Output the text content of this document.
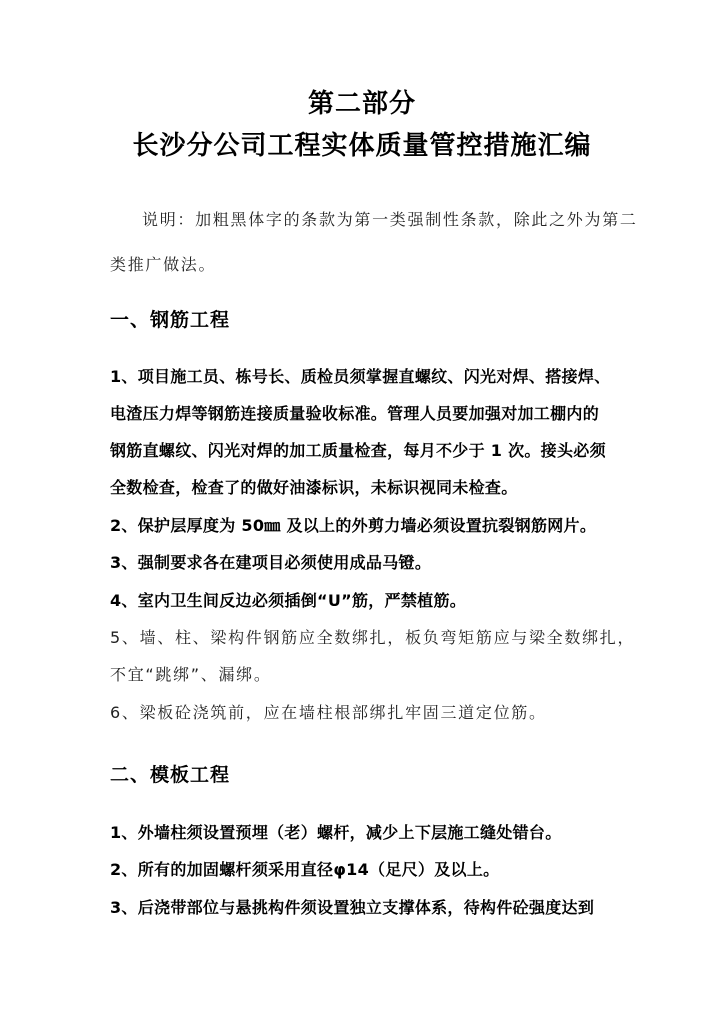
第二部分
长沙分公司工程实体质量管控措施汇编
说明：加粗黑体字的条款为第一类强制性条款，除此之外为第二
类推广做法。
一、钢筋工程
1、项目施工员、栋号长、质检员须掌握直螺纹、闪光对焊、搭接焊、
电渣压力焊等钢筋连接质量验收标准。管理人员要加强对加工棚内的
钢筋直螺纹、闪光对焊的加工质量检查，每月不少于 1 次。接头必须
全数检查，检查了的做好油漆标识，未标识视同未检查。
2、保护层厚度为 50㎜ 及以上的外剪力墙必须设置抗裂钢筋网片。
3、强制要求各在建项目必须使用成品马镫。
4、室内卫生间反边必须插倒“U”筋，严禁植筋。
5、墙、柱、梁构件钢筋应全数绑扎，板负弯矩筋应与梁全数绑扎，
不宜“跳绑”、漏绑。
6、梁板砼浇筑前，应在墙柱根部绑扎牢固三道定位筋。
二、模板工程
1、外墙柱须设置预埋（老）螺杆，减少上下层施工缝处错台。
2、所有的加固螺杆须采用直径φ14（足尺）及以上。
3、后浇带部位与悬挑构件须设置独立支撑体系，待构件砼强度达到
